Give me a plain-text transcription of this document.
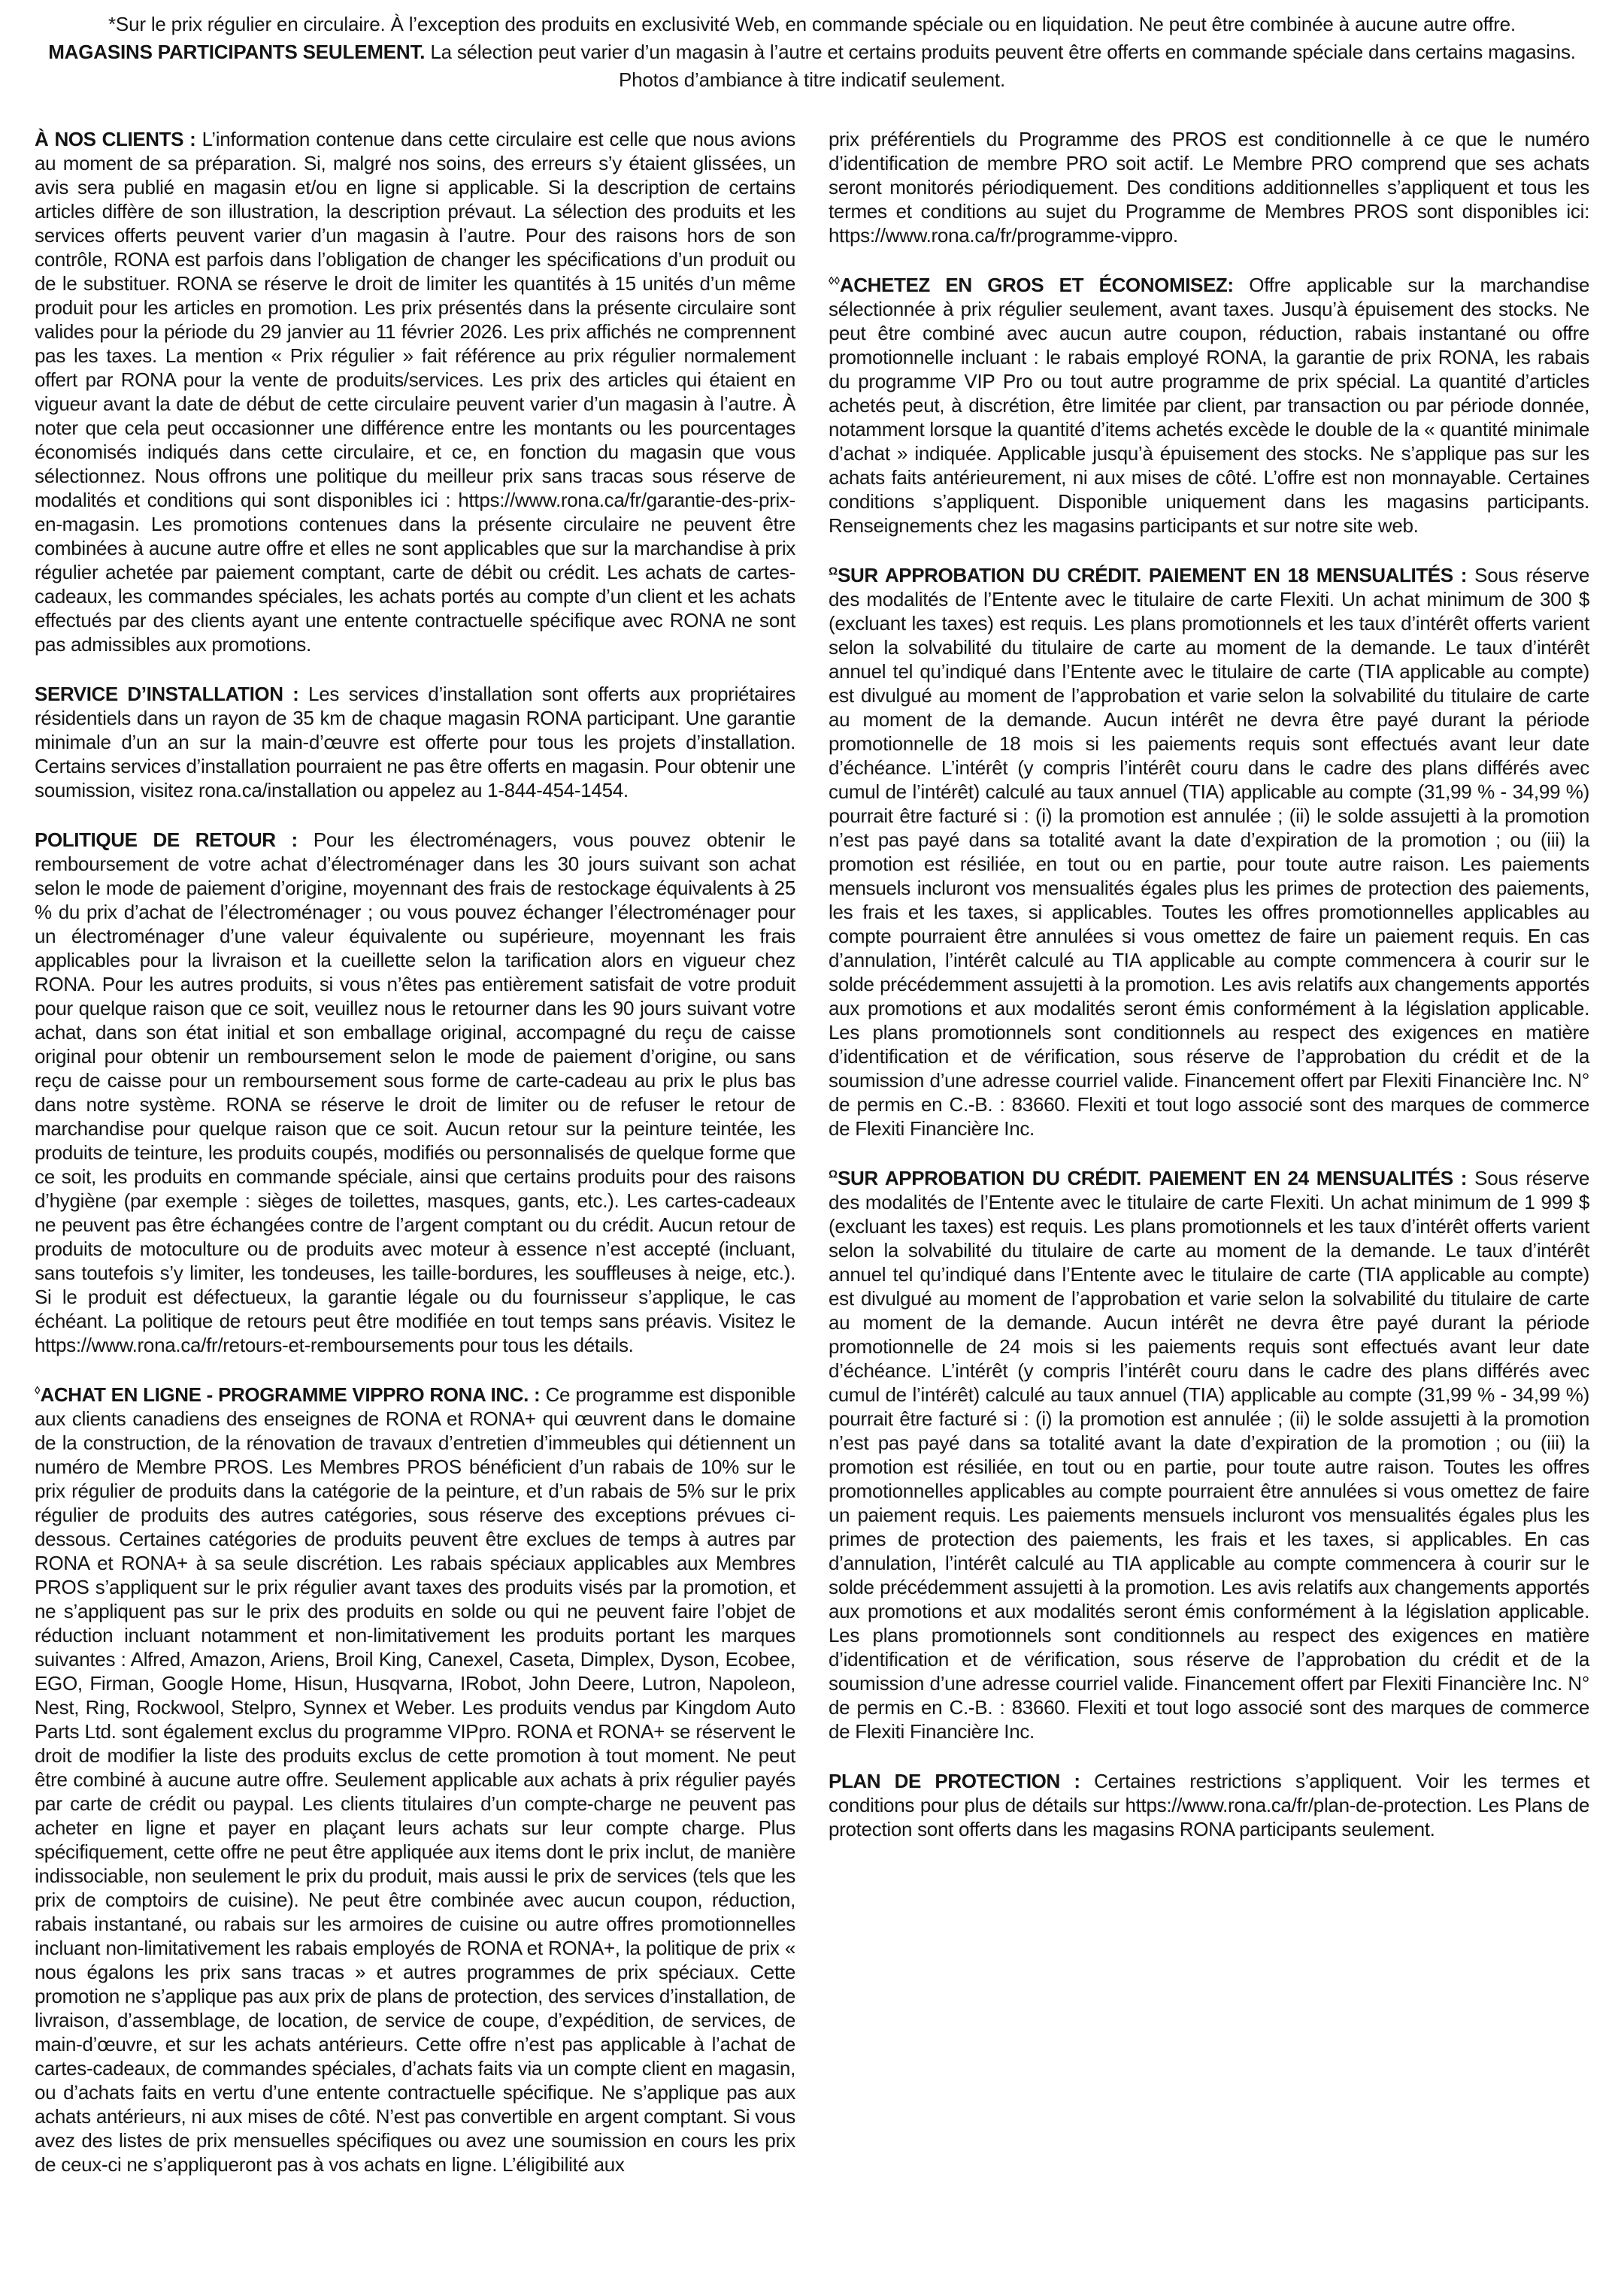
*Sur le prix régulier en circulaire. À l’exception des produits en exclusivité Web, en commande spéciale ou en liquidation. Ne peut être combinée à aucune autre offre.
MAGASINS PARTICIPANTS SEULEMENT. La sélection peut varier d’un magasin à l’autre et certains produits peuvent être offerts en commande spéciale dans certains magasins.
Photos d’ambiance à titre indicatif seulement.

À NOS CLIENTS : L’information contenue dans cette circulaire est celle que nous avions au moment de sa préparation. Si, malgré nos soins, des erreurs s’y étaient glissées, un avis sera publié en magasin et/ou en ligne si applicable. Si la description de certains articles diffère de son illustration, la description prévaut. La sélection des produits et les services offerts peuvent varier d’un magasin à l’autre. Pour des raisons hors de son contrôle, RONA est parfois dans l’obligation de changer les spécifications d’un produit ou de le substituer. RONA se réserve le droit de limiter les quantités à 15 unités d’un même produit pour les articles en promotion. Les prix présentés dans la présente circulaire sont valides pour la période du 29 janvier au 11 février 2026. Les prix affichés ne comprennent pas les taxes. La mention « Prix régulier » fait référence au prix régulier normalement offert par RONA pour la vente de produits/services. Les prix des articles qui étaient en vigueur avant la date de début de cette circulaire peuvent varier d’un magasin à l’autre. À noter que cela peut occasionner une différence entre les montants ou les pourcentages économisés indiqués dans cette circulaire, et ce, en fonction du magasin que vous sélectionnez. Nous offrons une politique du meilleur prix sans tracas sous réserve de modalités et conditions qui sont disponibles ici : https://www.rona.ca/fr/garantie-des-prix-en-magasin. Les promotions contenues dans la présente circulaire ne peuvent être combinées à aucune autre offre et elles ne sont applicables que sur la marchandise à prix régulier achetée par paiement comptant, carte de débit ou crédit. Les achats de cartes-cadeaux, les commandes spéciales, les achats portés au compte d’un client et les achats effectués par des clients ayant une entente contractuelle spécifique avec RONA ne sont pas admissibles aux promotions.

SERVICE D’INSTALLATION : Les services d’installation sont offerts aux propriétaires résidentiels dans un rayon de 35 km de chaque magasin RONA participant. Une garantie minimale d’un an sur la main-d’œuvre est offerte pour tous les projets d’installation. Certains services d’installation pourraient ne pas être offerts en magasin. Pour obtenir une soumission, visitez rona.ca/installation ou appelez au 1-844-454-1454.

POLITIQUE DE RETOUR : Pour les électroménagers, vous pouvez obtenir le remboursement de votre achat d’électroménager dans les 30 jours suivant son achat selon le mode de paiement d’origine, moyennant des frais de restockage équivalents à 25 % du prix d’achat de l’électroménager ; ou vous pouvez échanger l’électroménager pour un électroménager d’une valeur équivalente ou supérieure, moyennant les frais applicables pour la livraison et la cueillette selon la tarification alors en vigueur chez RONA. Pour les autres produits, si vous n’êtes pas entièrement satisfait de votre produit pour quelque raison que ce soit, veuillez nous le retourner dans les 90 jours suivant votre achat, dans son état initial et son emballage original, accompagné du reçu de caisse original pour obtenir un remboursement selon le mode de paiement d’origine, ou sans reçu de caisse pour un remboursement sous forme de carte-cadeau au prix le plus bas dans notre système. RONA se réserve le droit de limiter ou de refuser le retour de marchandise pour quelque raison que ce soit. Aucun retour sur la peinture teintée, les produits de teinture, les produits coupés, modifiés ou personnalisés de quelque forme que ce soit, les produits en commande spéciale, ainsi que certains produits pour des raisons d’hygiène (par exemple : sièges de toilettes, masques, gants, etc.). Les cartes-cadeaux ne peuvent pas être échangées contre de l’argent comptant ou du crédit. Aucun retour de produits de motoculture ou de produits avec moteur à essence n’est accepté (incluant, sans toutefois s’y limiter, les tondeuses, les taille-bordures, les souffleuses à neige, etc.). Si le produit est défectueux, la garantie légale ou du fournisseur s’applique, le cas échéant. La politique de retours peut être modifiée en tout temps sans préavis. Visitez le https://www.rona.ca/fr/retours-et-remboursements pour tous les détails.

◊ACHAT EN LIGNE - PROGRAMME VIPPRO RONA INC. : Ce programme est disponible aux clients canadiens des enseignes de RONA et RONA+ qui œuvrent dans le domaine de la construction, de la rénovation de travaux d’entretien d’immeubles qui détiennent un numéro de Membre PROS. Les Membres PROS bénéficient d’un rabais de 10% sur le prix régulier de produits dans la catégorie de la peinture, et d’un rabais de 5% sur le prix régulier de produits des autres catégories, sous réserve des exceptions prévues ci-dessous. Certaines catégories de produits peuvent être exclues de temps à autres par RONA et RONA+ à sa seule discrétion. Les rabais spéciaux applicables aux Membres PROS s’appliquent sur le prix régulier avant taxes des produits visés par la promotion, et ne s’appliquent pas sur le prix des produits en solde ou qui ne peuvent faire l’objet de réduction incluant notamment et non-limitativement les produits portant les marques suivantes : Alfred, Amazon, Ariens, Broil King, Canexel, Caseta, Dimplex, Dyson, Ecobee, EGO, Firman, Google Home, Hisun, Husqvarna, IRobot, John Deere, Lutron, Napoleon, Nest, Ring, Rockwool, Stelpro, Synnex et Weber. Les produits vendus par Kingdom Auto Parts Ltd. sont également exclus du programme VIPpro. RONA et RONA+ se réservent le droit de modifier la liste des produits exclus de cette promotion à tout moment. Ne peut être combiné à aucune autre offre. Seulement applicable aux achats à prix régulier payés par carte de crédit ou paypal. Les clients titulaires d’un compte-charge ne peuvent pas acheter en ligne et payer en plaçant leurs achats sur leur compte charge. Plus spécifiquement, cette offre ne peut être appliquée aux items dont le prix inclut, de manière indissociable, non seulement le prix du produit, mais aussi le prix de services (tels que les prix de comptoirs de cuisine). Ne peut être combinée avec aucun coupon, réduction, rabais instantané, ou rabais sur les armoires de cuisine ou autre offres promotionnelles incluant non-limitativement les rabais employés de RONA et RONA+, la politique de prix « nous égalons les prix sans tracas » et autres programmes de prix spéciaux. Cette promotion ne s’applique pas aux prix de plans de protection, des services d’installation, de livraison, d’assemblage, de location, de service de coupe, d’expédition, de services, de main-d’œuvre, et sur les achats antérieurs. Cette offre n’est pas applicable à l’achat de cartes-cadeaux, de commandes spéciales, d’achats faits via un compte client en magasin, ou d’achats faits en vertu d’une entente contractuelle spécifique. Ne s’applique pas aux achats antérieurs, ni aux mises de côté. N’est pas convertible en argent comptant. Si vous avez des listes de prix mensuelles spécifiques ou avez une soumission en cours les prix de ceux-ci ne s’appliqueront pas à vos achats en ligne. L’éligibilité aux

prix préférentiels du Programme des PROS est conditionnelle à ce que le numéro d’identification de membre PRO soit actif. Le Membre PRO comprend que ses achats seront monitorés périodiquement. Des conditions additionnelles s’appliquent et tous les termes et conditions au sujet du Programme de Membres PROS sont disponibles ici: https://www.rona.ca/fr/programme-vippro.

◊◊ACHETEZ EN GROS ET ÉCONOMISEZ: Offre applicable sur la marchandise sélectionnée à prix régulier seulement, avant taxes. Jusqu’à épuisement des stocks. Ne peut être combiné avec aucun autre coupon, réduction, rabais instantané ou offre promotionnelle incluant : le rabais employé RONA, la garantie de prix RONA, les rabais du programme VIP Pro ou tout autre programme de prix spécial. La quantité d’articles achetés peut, à discrétion, être limitée par client, par transaction ou par période donnée, notamment lorsque la quantité d’items achetés excède le double de la « quantité minimale d’achat » indiquée. Applicable jusqu’à épuisement des stocks. Ne s’applique pas sur les achats faits antérieurement, ni aux mises de côté. L’offre est non monnayable. Certaines conditions s’appliquent. Disponible uniquement dans les magasins participants. Renseignements chez les magasins participants et sur notre site web.

$^\Omega$SUR APPROBATION DU CRÉDIT. PAIEMENT EN 18 MENSUALITÉS : Sous réserve des modalités de l’Entente avec le titulaire de carte Flexiti. Un achat minimum de 300 $ (excluant les taxes) est requis. Les plans promotionnels et les taux d’intérêt offerts varient selon la solvabilité du titulaire de carte au moment de la demande. Le taux d’intérêt annuel tel qu’indiqué dans l’Entente avec le titulaire de carte (TIA applicable au compte) est divulgué au moment de l’approbation et varie selon la solvabilité du titulaire de carte au moment de la demande. Aucun intérêt ne devra être payé durant la période promotionnelle de 18 mois si les paiements requis sont effectués avant leur date d’échéance. L’intérêt (y compris l’intérêt couru dans le cadre des plans différés avec cumul de l’intérêt) calculé au taux annuel (TIA) applicable au compte (31,99 % - 34,99 %) pourrait être facturé si : (i) la promotion est annulée ; (ii) le solde assujetti à la promotion n’est pas payé dans sa totalité avant la date d’expiration de la promotion ; ou (iii) la promotion est résiliée, en tout ou en partie, pour toute autre raison. Les paiements mensuels incluront vos mensualités égales plus les primes de protection des paiements, les frais et les taxes, si applicables. Toutes les offres promotionnelles applicables au compte pourraient être annulées si vous omettez de faire un paiement requis. En cas d’annulation, l’intérêt calculé au TIA applicable au compte commencera à courir sur le solde précédemment assujetti à la promotion. Les avis relatifs aux changements apportés aux promotions et aux modalités seront émis conformément à la législation applicable. Les plans promotionnels sont conditionnels au respect des exigences en matière d’identification et de vérification, sous réserve de l’approbation du crédit et de la soumission d’une adresse courriel valide. Financement offert par Flexiti Financière Inc. N° de permis en C.-B. : 83660. Flexiti et tout logo associé sont des marques de commerce de Flexiti Financière Inc.

$^\Omega$SUR APPROBATION DU CRÉDIT. PAIEMENT EN 24 MENSUALITÉS : Sous réserve des modalités de l’Entente avec le titulaire de carte Flexiti. Un achat minimum de 1 999 $ (excluant les taxes) est requis. Les plans promotionnels et les taux d’intérêt offerts varient selon la solvabilité du titulaire de carte au moment de la demande. Le taux d’intérêt annuel tel qu’indiqué dans l’Entente avec le titulaire de carte (TIA applicable au compte) est divulgué au moment de l’approbation et varie selon la solvabilité du titulaire de carte au moment de la demande. Aucun intérêt ne devra être payé durant la période promotionnelle de 24 mois si les paiements requis sont effectués avant leur date d’échéance. L’intérêt (y compris l’intérêt couru dans le cadre des plans différés avec cumul de l’intérêt) calculé au taux annuel (TIA) applicable au compte (31,99 % - 34,99 %) pourrait être facturé si : (i) la promotion est annulée ; (ii) le solde assujetti à la promotion n’est pas payé dans sa totalité avant la date d’expiration de la promotion ; ou (iii) la promotion est résiliée, en tout ou en partie, pour toute autre raison. Toutes les offres promotionnelles applicables au compte pourraient être annulées si vous omettez de faire un paiement requis. Les paiements mensuels incluront vos mensualités égales plus les primes de protection des paiements, les frais et les taxes, si applicables. En cas d’annulation, l’intérêt calculé au TIA applicable au compte commencera à courir sur le solde précédemment assujetti à la promotion. Les avis relatifs aux changements apportés aux promotions et aux modalités seront émis conformément à la législation applicable. Les plans promotionnels sont conditionnels au respect des exigences en matière d’identification et de vérification, sous réserve de l’approbation du crédit et de la soumission d’une adresse courriel valide. Financement offert par Flexiti Financière Inc. N° de permis en C.-B. : 83660. Flexiti et tout logo associé sont des marques de commerce de Flexiti Financière Inc.

PLAN DE PROTECTION : Certaines restrictions s’appliquent. Voir les termes et conditions pour plus de détails sur https://www.rona.ca/fr/plan-de-protection. Les Plans de protection sont offerts dans les magasins RONA participants seulement.
